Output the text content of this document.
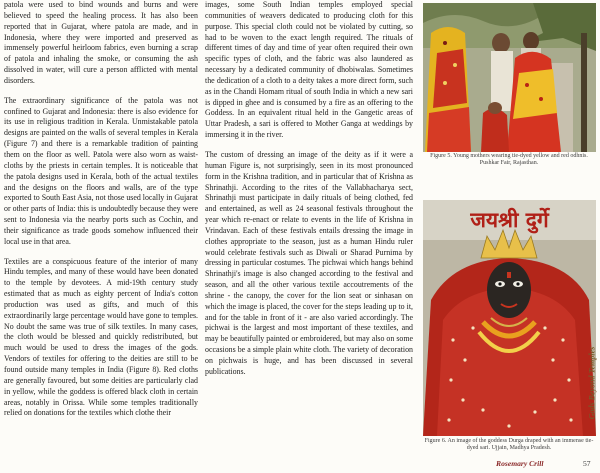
patola were used to bind wounds and burns and were believed to speed the healing process. It has also been reported that in Gujarat, where patola are made, and in Indonesia, where they were imported and preserved as immensely powerful heirloom fabrics, even burning a scrap of patola and inhaling the smoke, or consuming the ash dissolved in water, will cure a person afflicted with mental disorders.

The extraordinary significance of the patola was not confined to Gujarat and Indonesia: there is also evidence for its use in religious tradition in Kerala. Unmistakable patola designs are painted on the walls of several temples in Kerala (Figure 7) and there is a remarkable tradition of painting them on the floor as well. Patola were also worn as waist-cloths by the priests in certain temples. It is noticeable that the patola designs used in Kerala, both of the actual textiles and the designs on the floors and walls, are of the type exported to South East Asia, not those used locally in Gujarat or other parts of India: this is undoubtedly because they were sent to Indonesia via the nearby ports such as Cochin, and their significance as trade goods somehow influenced their local use in that area.

Textiles are a conspicuous feature of the interior of many Hindu temples, and many of these would have been donated to the temple by devotees. A mid-19th century study estimated that as much as eighty percent of India's cotton production was used as gifts, and much of this extraordinarily large percentage would have gone to temples. No doubt the same was true of silk textiles. In many cases, the cloth would be blessed and quickly redistributed, but much would be used to dress the images of the gods. Vendors of textiles for offering to the deities are still to be found outside many temples in India (Figure 8). Red cloths are generally favoured, but some deities are particularly clad in yellow, while the goddess is offered black cloth in certain areas, notably in Orissa. While some temples traditionally relied on donations for the textiles which clothe their

images, some South Indian temples employed special communities of weavers dedicated to producing cloth for this purpose. This special cloth could not be violated by cutting, so had to be woven to the exact length required. The rituals of different times of day and time of year often required their own specific types of cloth, and the fabric was also laundered as necessary by a dedicated community of dhobiwalas. Sometimes the dedication of a cloth to a deity takes a more direct form, such as in the Chandi Homam ritual of south India in which a new sari is dipped in ghee and is consumed by a fire as an offering to the Goddess. In an equivalent ritual held in the Gangetic areas of Uttar Pradesh, a sari is offered to Mother Ganga at weddings by immersing it in the river.

The custom of dressing an image of the deity as if it were a human Figure is, not surprisingly, seen in its most pronounced form in the Krishna tradition, and in particular that of Krishna as Shrinathji. According to the rites of the Vallabhacharya sect, Shrinathji must participate in daily rituals of being clothed, fed and entertained, as well as 24 seasonal festivals throughout the year which re-enact or relate to events in the life of Krishna in Vrindavan. Each of these festivals entails dressing the image in clothes appropriate to the season, just as a human Hindu ruler would celebrate festivals such as Diwali or Sharad Purnima by dressing in particular costumes. The pichwai which hangs behind Shrinathji's image is also changed according to the festival and season, and all the other various textile accoutrements of the shrine - the canopy, the cover for the lion seat or sinhasan on which the image is placed, the cover for the steps leading up to it, and for the table in front of it - are also varied accordingly. The pichwai is the largest and most important of these textiles, and may be beautifully painted or embroidered, but may also on some occasions be a simple plain white cloth. The variety of decoration on pichwais is huge, and has been discussed in several publications.

Figure 5. Young mothers wearing tie-dyed yellow and red odhnis. Pushkar Fair, Rajasthan.
जयश्री दुर्गे
Figure 6. An image of the goddess Durga draped with an immense tie-dyed sari. Ujjain, Madhya Pradesh.
Gods Beyond Temples
Rosemary Crill	57
